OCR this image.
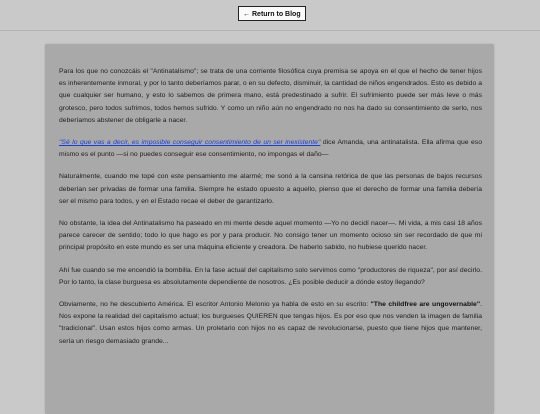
← Return to Blog

Para los que no conozcáis el "Antinatalismo"; se trata de una corriente filosófica cuya premisa se apoya en el que el hecho de tener hijos es inherentemente inmoral, y por lo tanto deberíamos parar, o en su defecto, disminuir, la cantidad de niños engendrados. Esto es debido a que cualquier ser humano, y esto lo sabemos de primera mano, está predestinado a sufrir. El sufrimiento puede ser más leve o más grotesco, pero todos sufrimos, todos hemos sufrido. Y como un niño aún no engendrado no nos ha dado su consentimiento de serlo, nos deberíamos abstener de obligarle a nacer.

"Sé lo que vas a decir, es imposible conseguir consentimiento de un ser inexistente" dice Amanda, una antinatalista. Ella afirma que eso mismo es el punto —si no puedes conseguir ese consentimiento, no impongas el daño—

Naturalmente, cuando me topé con este pensamiento me alarmé; me sonó a la cansina retórica de que las personas de bajos recursos deberían ser privadas de formar una familia. Siempre he estado opuesto a aquello, pienso que el derecho de formar una familia debería ser el mismo para todos, y en el Estado recae el deber de garantizarlo.

No obstante, la idea del Antinatalismo ha paseado en mi mente desde aquel momento —Yo no decidí nacer—. Mi vida, a mis casi 18 años parece carecer de sentido; todo lo que hago es por y para producir. No consigo tener un momento ocioso sin ser recordado de que mi principal propósito en este mundo es ser una máquina eficiente y creadora. De haberlo sabido, no hubiese querido nacer.

Ahí fue cuando se me encendió la bombilla. En la fase actual del capitalismo solo servimos como "productores de riqueza", por así decirlo. Por lo tanto, la clase burguesa es absolutamente dependiente de nosotros. ¿Es posible deducir a dónde estoy llegando?

Obviamente, no he descubierto América. El escritor Antonio Melonio ya habla de esto en su escrito: "The childfree are ungovernable". Nos expone la realidad del capitalismo actual; los burgueses QUIEREN que tengas hijos. Es por eso que nos venden la imagen de familia "tradicional". Usan estos hijos como armas. Un proletario con hijos no es capaz de revolucionarse, puesto que tiene hijos que mantener, sería un riesgo demasiado grande...
